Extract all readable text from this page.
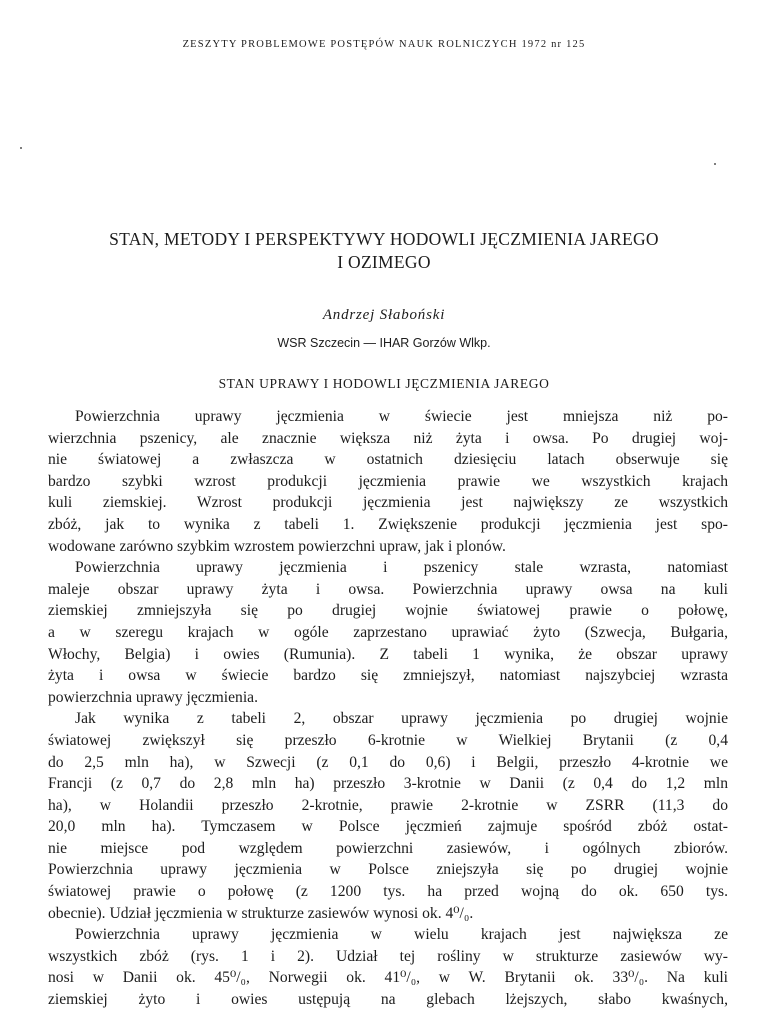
ZESZYTY PROBLEMOWE POSTĘPÓW NAUK ROLNICZYCH 1972 nr 125
STAN, METODY I PERSPEKTYWY HODOWLI JĘCZMIENIA JAREGO
I OZIMEGO
Andrzej Słaboński
WSR Szczecin — IHAR Gorzów Wlkp.
STAN UPRAWY I HODOWLI JĘCZMIENIA JAREGO
Powierzchnia uprawy jęczmienia w świecie jest mniejsza niż po-
wierzchnia pszenicy, ale znacznie większa niż żyta i owsa. Po drugiej woj-
nie światowej a zwłaszcza w ostatnich dziesięciu latach obserwuje się
bardzo szybki wzrost produkcji jęczmienia prawie we wszystkich krajach
kuli ziemskiej. Wzrost produkcji jęczmienia jest największy ze wszystkich
zbóż, jak to wynika z tabeli 1. Zwiększenie produkcji jęczmienia jest spo-
wodowane zarówno szybkim wzrostem powierzchni upraw, jak i plonów.
Powierzchnia uprawy jęczmienia i pszenicy stale wzrasta, natomiast
maleje obszar uprawy żyta i owsa. Powierzchnia uprawy owsa na kuli
ziemskiej zmniejszyła się po drugiej wojnie światowej prawie o połowę,
a w szeregu krajach w ogóle zaprzestano uprawiać żyto (Szwecja, Bułgaria,
Włochy, Belgia) i owies (Rumunia). Z tabeli 1 wynika, że obszar uprawy
żyta i owsa w świecie bardzo się zmniejszył, natomiast najszybciej wzrasta
powierzchnia uprawy jęczmienia.
Jak wynika z tabeli 2, obszar uprawy jęczmienia po drugiej wojnie
światowej zwiększył się przeszło 6-krotnie w Wielkiej Brytanii (z 0,4
do 2,5 mln ha), w Szwecji (z 0,1 do 0,6) i Belgii, przeszło 4-krotnie we
Francji (z 0,7 do 2,8 mln ha) przeszło 3-krotnie w Danii (z 0,4 do 1,2 mln
ha), w Holandii przeszło 2-krotnie, prawie 2-krotnie w ZSRR (11,3 do
20,0 mln ha). Tymczasem w Polsce jęczmień zajmuje spośród zbóż ostat-
nie miejsce pod względem powierzchni zasiewów, i ogólnych zbiorów.
Powierzchnia uprawy jęczmienia w Polsce zniejszyła się po drugiej wojnie
światowej prawie o połowę (z 1200 tys. ha przed wojną do ok. 650 tys.
obecnie). Udział jęczmienia w strukturze zasiewów wynosi ok. 4⁰/₀.
Powierzchnia uprawy jęczmienia w wielu krajach jest największa ze
wszystkich zbóż (rys. 1 i 2). Udział tej rośliny w strukturze zasiewów wy-
nosi w Danii ok. 45⁰/₀, Norwegii ok. 41⁰/₀, w W. Brytanii ok. 33⁰/₀. Na kuli
ziemskiej żyto i owies ustępują na glebach lżejszych, słabo kwaśnych,
